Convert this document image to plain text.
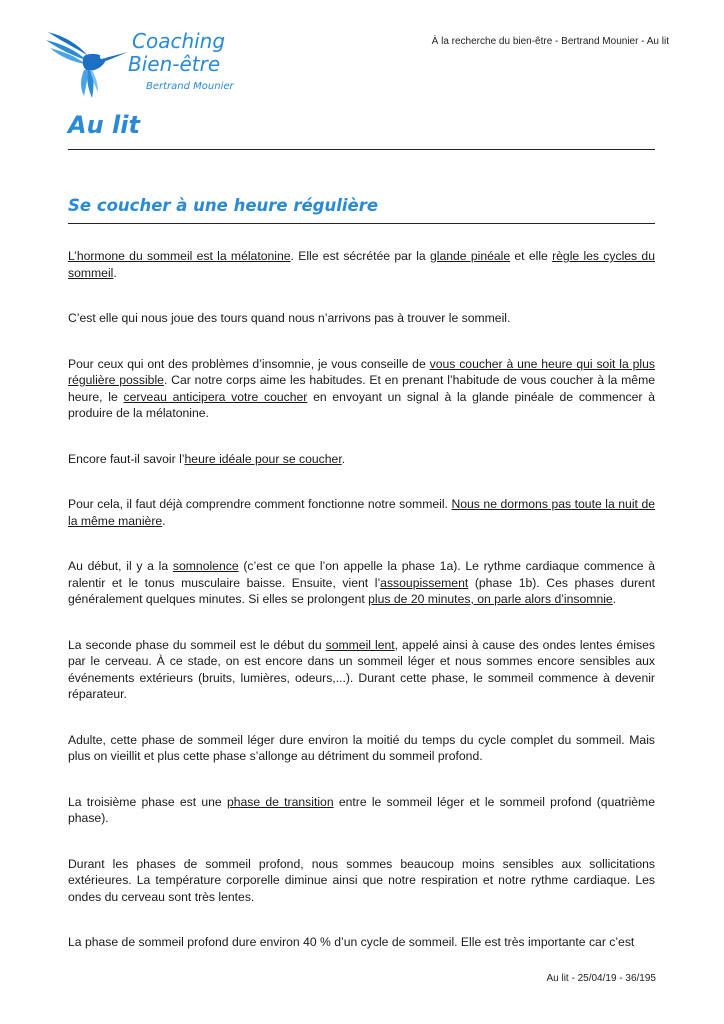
Coaching
Bien-être
Bertrand Mounier
À la recherche du bien-être - Bertrand Mounier - Au lit
Au lit
Se coucher à une heure régulière

L’hormone du sommeil est la mélatonine. Elle est sécrétée par la glande pinéale et elle règle les cycles du sommeil.

C’est elle qui nous joue des tours quand nous n’arrivons pas à trouver le sommeil.

Pour ceux qui ont des problèmes d’insomnie, je vous conseille de vous coucher à une heure qui soit la plus régulière possible. Car notre corps aime les habitudes. Et en prenant l’habitude de vous coucher à la même heure, le cerveau anticipera votre coucher en envoyant un signal à la glande pinéale de commencer à produire de la mélatonine.

Encore faut-il savoir l’heure idéale pour se coucher.

Pour cela, il faut déjà comprendre comment fonctionne notre sommeil. Nous ne dormons pas toute la nuit de la même manière.

Au début, il y a la somnolence (c’est ce que l’on appelle la phase 1a). Le rythme cardiaque commence à ralentir et le tonus musculaire baisse. Ensuite, vient l’assoupissement (phase 1b). Ces phases durent généralement quelques minutes. Si elles se prolongent plus de 20 minutes, on parle alors d’insomnie.

La seconde phase du sommeil est le début du sommeil lent, appelé ainsi à cause des ondes lentes émises par le cerveau. À ce stade, on est encore dans un sommeil léger et nous sommes encore sensibles aux événements extérieurs (bruits, lumières, odeurs,...). Durant cette phase, le sommeil commence à devenir réparateur.

Adulte, cette phase de sommeil léger dure environ la moitié du temps du cycle complet du sommeil. Mais plus on vieillit et plus cette phase s’allonge au détriment du sommeil profond.

La troisième phase est une phase de transition entre le sommeil léger et le sommeil profond (quatrième phase).

Durant les phases de sommeil profond, nous sommes beaucoup moins sensibles aux sollicitations extérieures. La température corporelle diminue ainsi que notre respiration et notre rythme cardiaque. Les ondes du cerveau sont très lentes.

La phase de sommeil profond dure environ 40 % d’un cycle de sommeil. Elle est très importante car c’est

Au lit - 25/04/19 - 36/195
